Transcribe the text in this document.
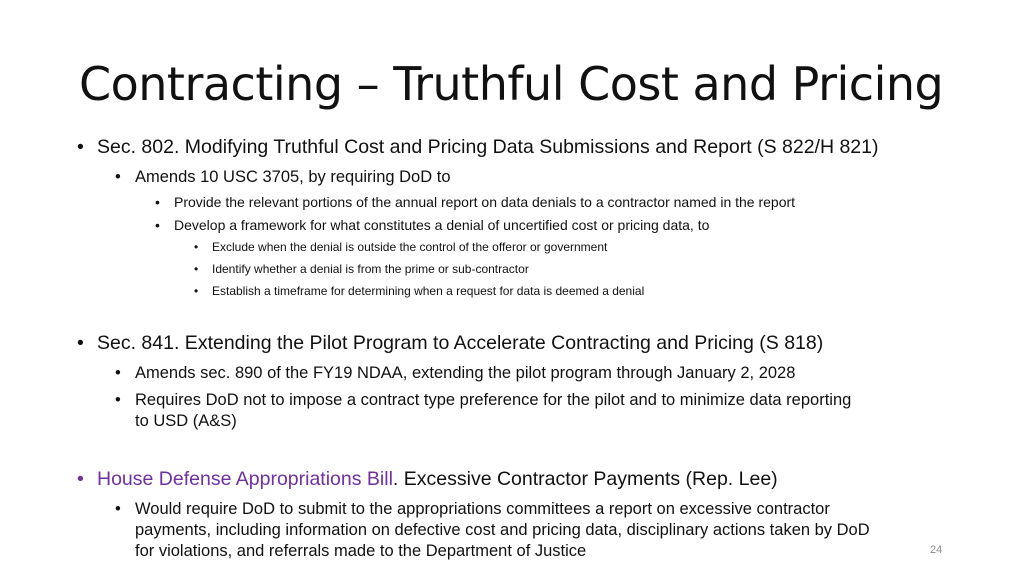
Contracting – Truthful Cost and Pricing
• Sec. 802. Modifying Truthful Cost and Pricing Data Submissions and Report (S 822/H 821)
• Amends 10 USC 3705, by requiring DoD to
• Provide the relevant portions of the annual report on data denials to a contractor named in the report
• Develop a framework for what constitutes a denial of uncertified cost or pricing data, to
• Exclude when the denial is outside the control of the offeror or government
• Identify whether a denial is from the prime or sub-contractor
• Establish a timeframe for determining when a request for data is deemed a denial
• Sec. 841. Extending the Pilot Program to Accelerate Contracting and Pricing (S 818)
• Amends sec. 890 of the FY19 NDAA, extending the pilot program through January 2, 2028
• Requires DoD not to impose a contract type preference for the pilot and to minimize data reporting
to USD (A&S)
• House Defense Appropriations Bill. Excessive Contractor Payments (Rep. Lee)
• Would require DoD to submit to the appropriations committees a report on excessive contractor
payments, including information on defective cost and pricing data, disciplinary actions taken by DoD
for violations, and referrals made to the Department of Justice	24
